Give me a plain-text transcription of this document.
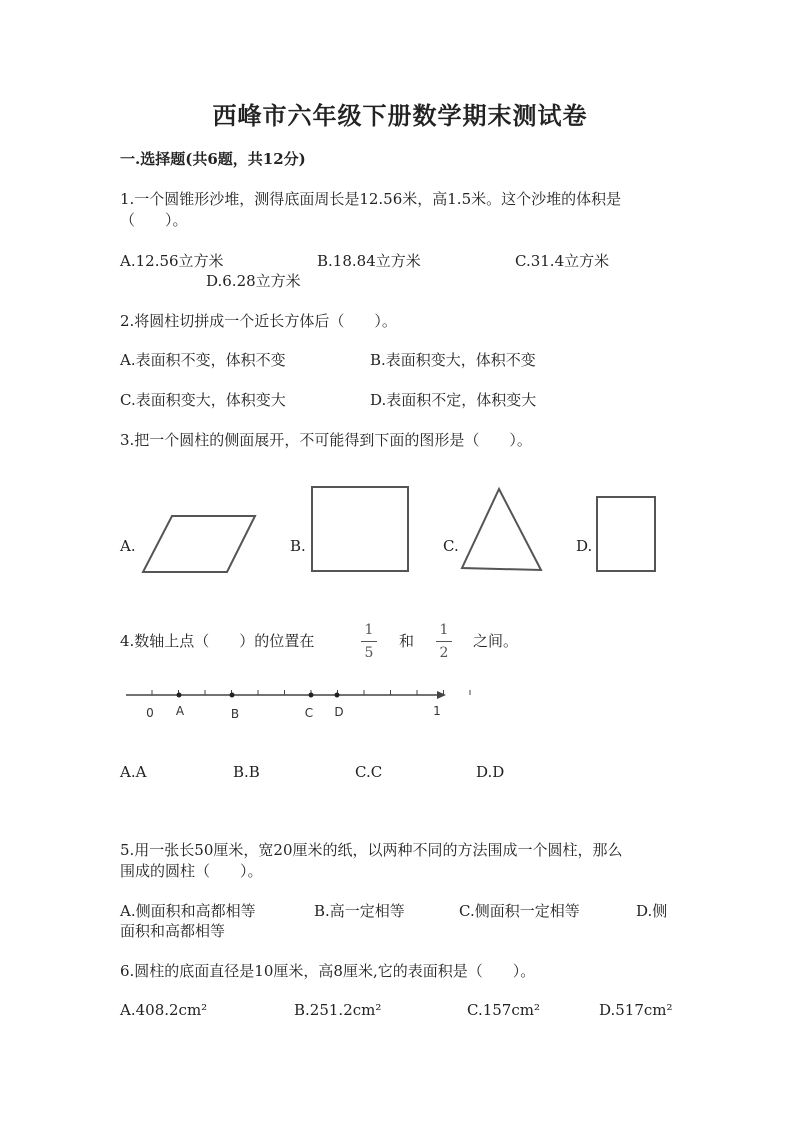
西峰市六年级下册数学期末测试卷
一.选择题(共6题，共12分)
1.一个圆锥形沙堆，测得底面周长是12.56米，高1.5米。这个沙堆的体积是
（　　）。
A.12.56立方米	B.18.84立方米	C.31.4立方米
D.6.28立方米
2.将圆柱切拼成一个近长方体后（　　）。
A.表面积不变，体积不变	B.表面积变大，体积不变
C.表面积变大，体积变大	D.表面积不定，体积变大
3.把一个圆柱的侧面展开，不可能得到下面的图形是（　　）。
A.	B.	C.	D.
4.数轴上点（　　）的位置在
1
5
和
1
2
之间。
0 A	B	C D	1
A.A	B.B	C.C	D.D
5.用一张长50厘米，宽20厘米的纸，以两种不同的方法围成一个圆柱，那么
围成的圆柱（　　）。
A.侧面积和高都相等	B.高一定相等	C.侧面积一定相等	D.侧
面积和高都相等
6.圆柱的底面直径是10厘米，高8厘米,它的表面积是（　　）。
A.408.2cm²	B.251.2cm²	C.157cm²	D.517cm²
